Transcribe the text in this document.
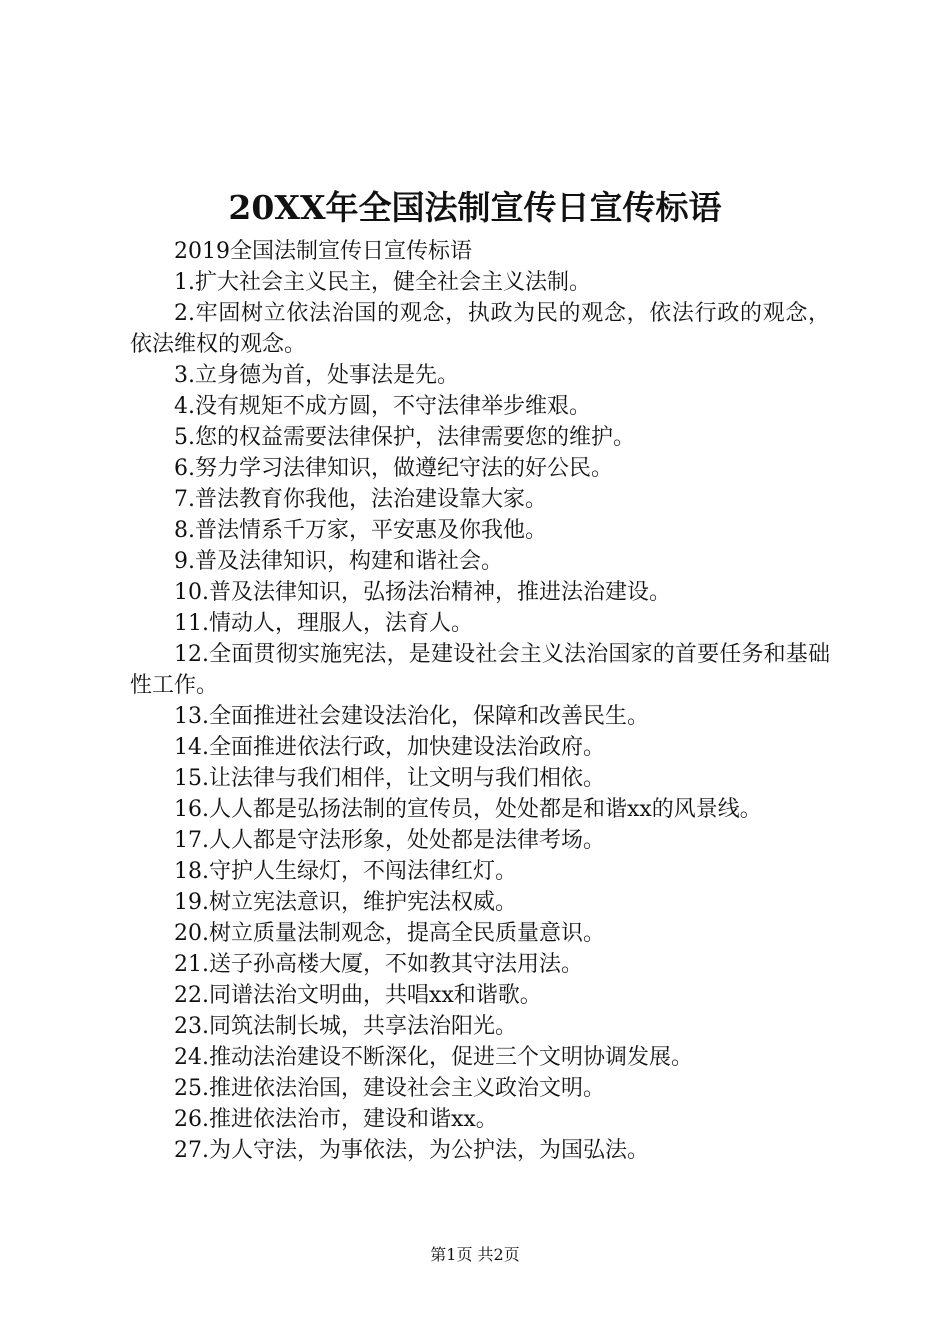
20XX年全国法制宣传日宣传标语

2019全国法制宣传日宣传标语

1.扩大社会主义民主，健全社会主义法制。

2.牢固树立依法治国的观念，执政为民的观念，依法行政的观念，依法维权的观念。

3.立身德为首，处事法是先。

4.没有规矩不成方圆，不守法律举步维艰。

5.您的权益需要法律保护，法律需要您的维护。

6.努力学习法律知识，做遵纪守法的好公民。

7.普法教育你我他，法治建设靠大家。

8.普法情系千万家，平安惠及你我他。

9.普及法律知识，构建和谐社会。

10.普及法律知识，弘扬法治精神，推进法治建设。

11.情动人，理服人，法育人。

12.全面贯彻实施宪法，是建设社会主义法治国家的首要任务和基础性工作。

13.全面推进社会建设法治化，保障和改善民生。

14.全面推进依法行政，加快建设法治政府。

15.让法律与我们相伴，让文明与我们相依。

16.人人都是弘扬法制的宣传员，处处都是和谐xx的风景线。

17.人人都是守法形象，处处都是法律考场。

18.守护人生绿灯，不闯法律红灯。

19.树立宪法意识，维护宪法权威。

20.树立质量法制观念，提高全民质量意识。

21.送子孙高楼大厦，不如教其守法用法。

22.同谱法治文明曲，共唱xx和谐歌。

23.同筑法制长城，共享法治阳光。

24.推动法治建设不断深化，促进三个文明协调发展。

25.推进依法治国，建设社会主义政治文明。

26.推进依法治市，建设和谐xx。

27.为人守法，为事依法，为公护法，为国弘法。

第1页 共2页
